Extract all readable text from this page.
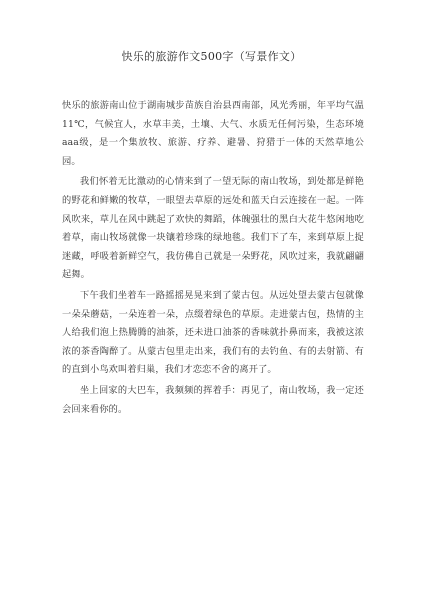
快乐的旅游作文500字（写景作文）

快乐的旅游南山位于湖南城步苗族自治县西南部，风光秀丽，年平均气温11℃，气候宜人，水草丰美，土壤、大气、水质无任何污染，生态环境aaa级，是一个集放牧、旅游、疗养、避暑、狩猎于一体的天然草地公园。

我们怀着无比激动的心情来到了一望无际的南山牧场，到处都是鲜艳的野花和鲜嫩的牧草，一眼望去草原的远处和蓝天白云连接在一起。一阵风吹来，草儿在风中跳起了欢快的舞蹈，体魄强壮的黑白大花牛悠闲地吃着草，南山牧场就像一块镶着珍珠的绿地毯。我们下了车，来到草原上捉迷藏，呼吸着新鲜空气，我仿佛自己就是一朵野花，风吹过来，我就翩翩起舞。

下午我们坐着车一路摇摇晃晃来到了蒙古包。从远处望去蒙古包就像一朵朵蘑菇，一朵连着一朵，点缀着绿色的草原。走进蒙古包，热情的主人给我们泡上热腾腾的油茶，还未进口油茶的香味就扑鼻而来，我被这浓浓的茶香陶醉了。从蒙古包里走出来，我们有的去钓鱼、有的去射箭、有的直到小鸟欢叫着归巢，我们才恋恋不舍的离开了。

坐上回家的大巴车，我频频的挥着手：再见了，南山牧场，我一定还会回来看你的。
